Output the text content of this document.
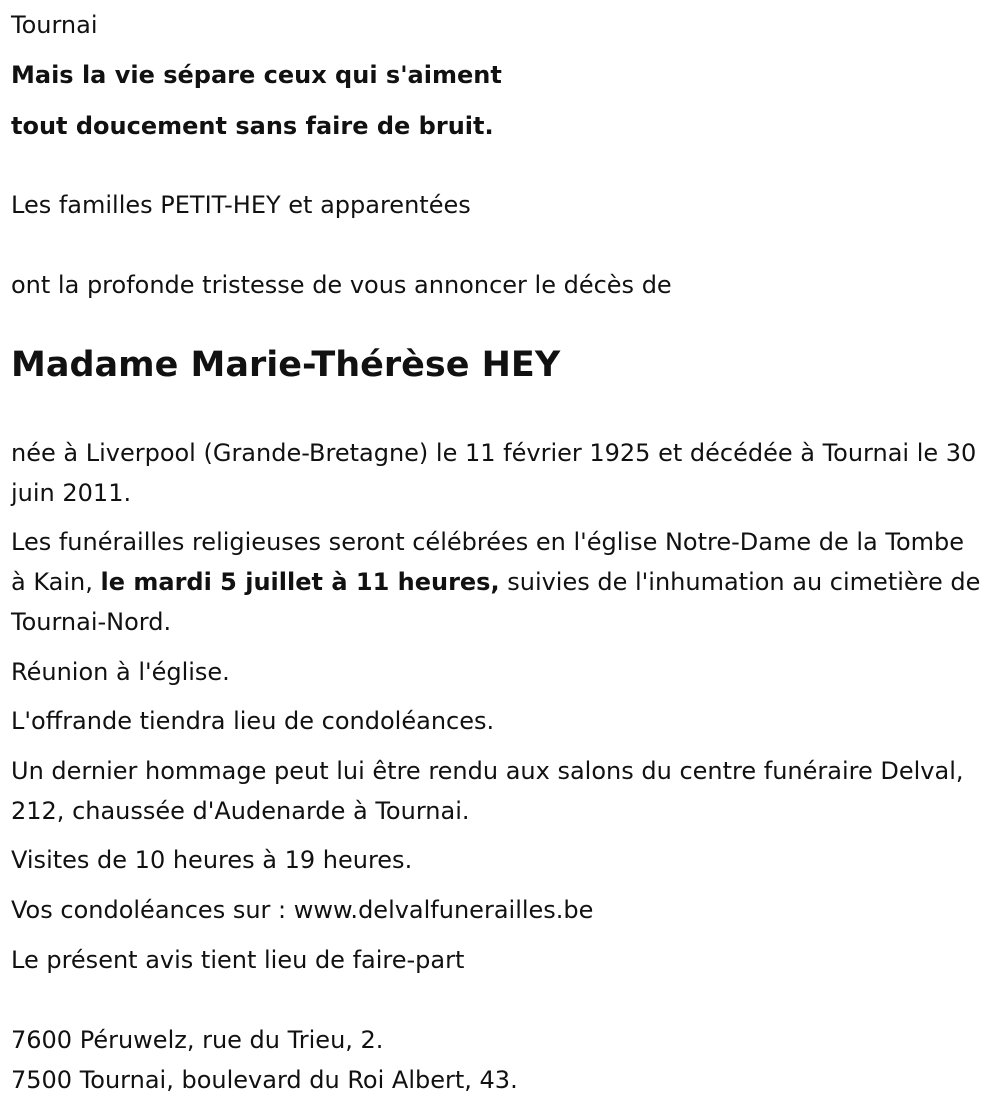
Tournai

Mais la vie sépare ceux qui s'aiment

tout doucement sans faire de bruit.

Les familles PETIT-HEY et apparentées

ont la profonde tristesse de vous annoncer le décès de

Madame Marie-Thérèse HEY

née à Liverpool (Grande-Bretagne) le 11 février 1925 et décédée à Tournai le 30 juin 2011.

Les funérailles religieuses seront célébrées en l'église Notre-Dame de la Tombe à Kain, le mardi 5 juillet à 11 heures, suivies de l'inhumation au cimetière de Tournai-Nord.

Réunion à l'église.

L'offrande tiendra lieu de condoléances.

Un dernier hommage peut lui être rendu aux salons du centre funéraire Delval, 212, chaussée d'Audenarde à Tournai.

Visites de 10 heures à 19 heures.

Vos condoléances sur : www.delvalfunerailles.be

Le présent avis tient lieu de faire-part

7600 Péruwelz, rue du Trieu, 2.

7500 Tournai, boulevard du Roi Albert, 43.
